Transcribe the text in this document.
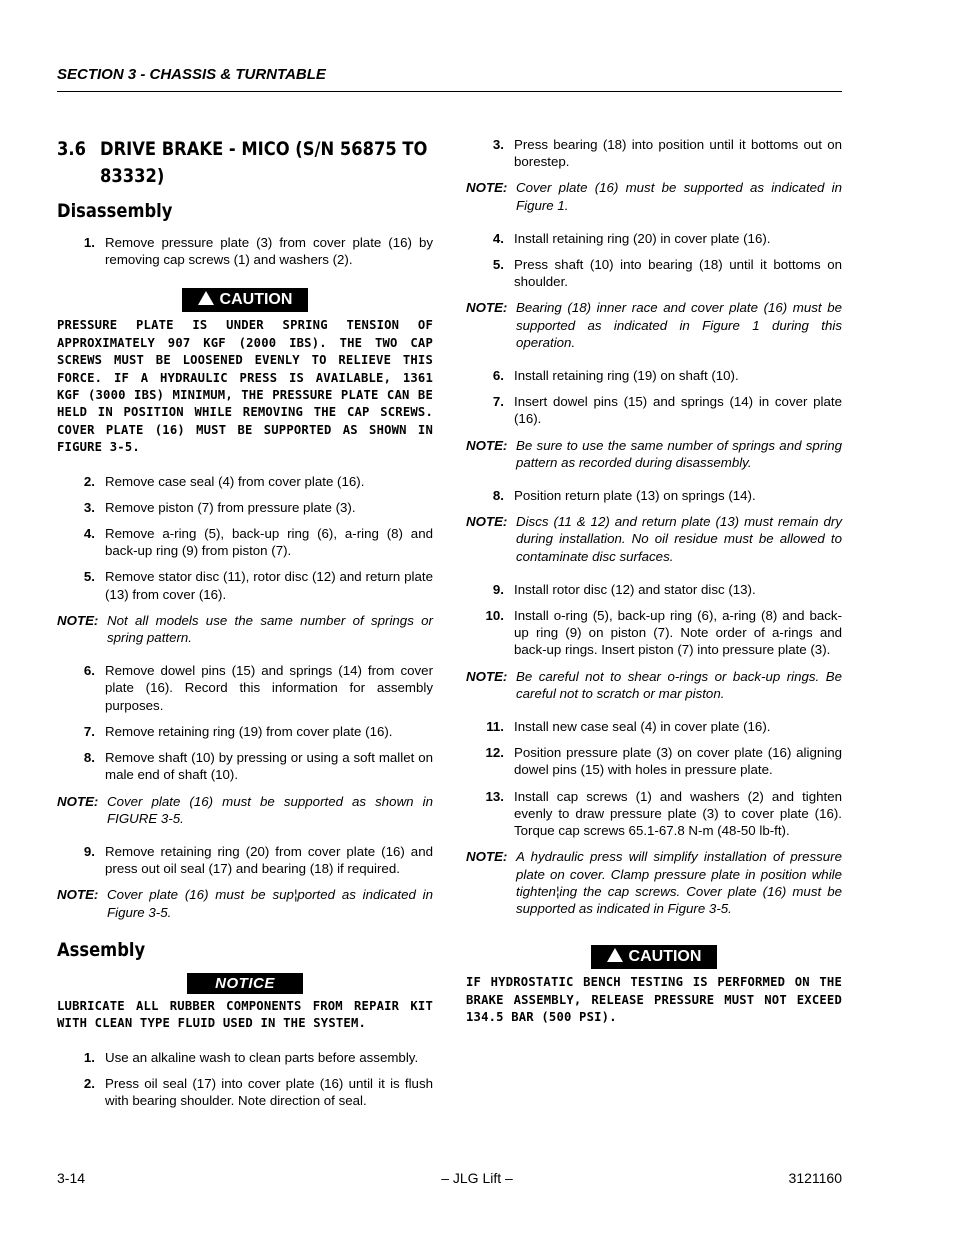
SECTION 3 - CHASSIS & TURNTABLE
3.6 DRIVE BRAKE - MICO (S/N 56875 TO 83332)
Disassembly
1. Remove pressure plate (3) from cover plate (16) by removing cap screws (1) and washers (2).
CAUTION
PRESSURE PLATE IS UNDER SPRING TENSION OF APPROXIMATELY 907 KGF (2000 IBS). THE TWO CAP SCREWS MUST BE LOOSENED EVENLY TO RELIEVE THIS FORCE. IF A HYDRAULIC PRESS IS AVAILABLE, 1361 KGF (3000 IBS) MINIMUM, THE PRESSURE PLATE CAN BE HELD IN POSITION WHILE REMOVING THE CAP SCREWS. COVER PLATE (16) MUST BE SUPPORTED AS SHOWN IN FIGURE 3-5.
2. Remove case seal (4) from cover plate (16).
3. Remove piston (7) from pressure plate (3).
4. Remove a-ring (5), back-up ring (6), a-ring (8) and back-up ring (9) from piston (7).
5. Remove stator disc (11), rotor disc (12) and return plate (13) from cover (16).
NOTE: Not all models use the same number of springs or spring pattern.
6. Remove dowel pins (15) and springs (14) from cover plate (16). Record this information for assembly purposes.
7. Remove retaining ring (19) from cover plate (16).
8. Remove shaft (10) by pressing or using a soft mallet on male end of shaft (10).
NOTE: Cover plate (16) must be supported as shown in FIGURE 3-5.
9. Remove retaining ring (20) from cover plate (16) and press out oil seal (17) and bearing (18) if required.
NOTE: Cover plate (16) must be sup¦ported as indicated in Figure 3-5.
Assembly
NOTICE
LUBRICATE ALL RUBBER COMPONENTS FROM REPAIR KIT WITH CLEAN TYPE FLUID USED IN THE SYSTEM.
1. Use an alkaline wash to clean parts before assembly.
2. Press oil seal (17) into cover plate (16) until it is flush with bearing shoulder. Note direction of seal.
3. Press bearing (18) into position until it bottoms out on borestep.
NOTE: Cover plate (16) must be supported as indicated in Figure 1.
4. Install retaining ring (20) in cover plate (16).
5. Press shaft (10) into bearing (18) until it bottoms on shoulder.
NOTE: Bearing (18) inner race and cover plate (16) must be supported as indicated in Figure 1 during this operation.
6. Install retaining ring (19) on shaft (10).
7. Insert dowel pins (15) and springs (14) in cover plate (16).
NOTE: Be sure to use the same number of springs and spring pattern as recorded during disassembly.
8. Position return plate (13) on springs (14).
NOTE: Discs (11 & 12) and return plate (13) must remain dry during installation. No oil residue must be allowed to contaminate disc surfaces.
9. Install rotor disc (12) and stator disc (13).
10. Install o-ring (5), back-up ring (6), a-ring (8) and back-up ring (9) on piston (7). Note order of a-rings and back-up rings. Insert piston (7) into pressure plate (3).
NOTE: Be careful not to shear o-rings or back-up rings. Be careful not to scratch or mar piston.
11. Install new case seal (4) in cover plate (16).
12. Position pressure plate (3) on cover plate (16) aligning dowel pins (15) with holes in pressure plate.
13. Install cap screws (1) and washers (2) and tighten evenly to draw pressure plate (3) to cover plate (16). Torque cap screws 65.1-67.8 N-m (48-50 lb-ft).
NOTE: A hydraulic press will simplify installation of pressure plate on cover. Clamp pressure plate in position while tighten¦ing the cap screws. Cover plate (16) must be supported as indicated in Figure 3-5.
CAUTION
IF HYDROSTATIC BENCH TESTING IS PERFORMED ON THE BRAKE ASSEMBLY, RELEASE PRESSURE MUST NOT EXCEED 134.5 BAR (500 PSI).
3-14	– JLG Lift –	3121160
